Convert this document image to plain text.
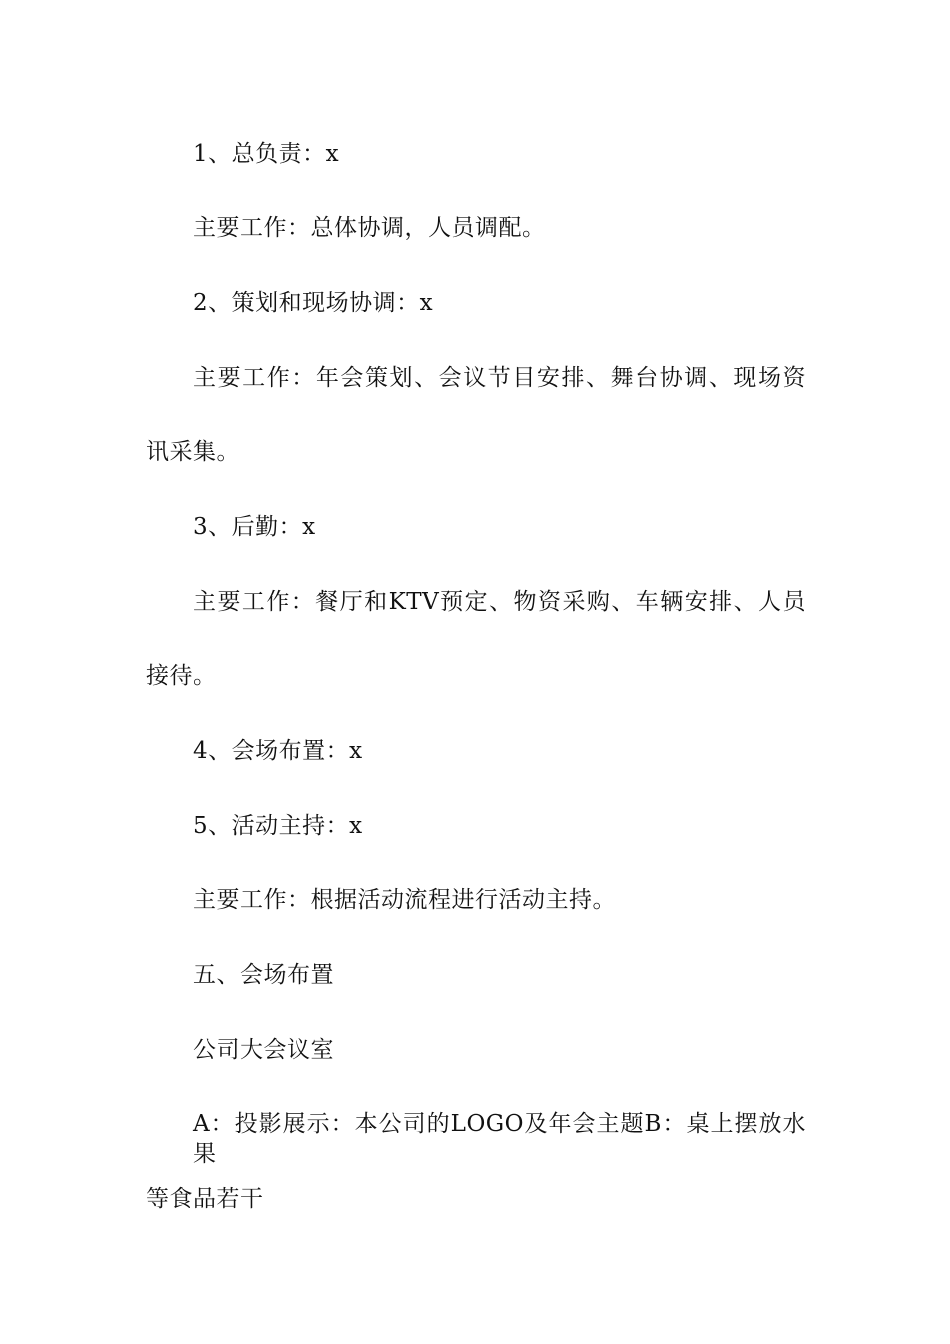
1、总负责：x

主要工作：总体协调，人员调配。

2、策划和现场协调：x

主要工作：年会策划、会议节目安排、舞台协调、现场资

讯采集。

3、后勤：x

主要工作：餐厅和KTV预定、物资采购、车辆安排、人员

接待。

4、会场布置：x

5、活动主持：x

主要工作：根据活动流程进行活动主持。

五、会场布置

公司大会议室

A：投影展示：本公司的LOGO及年会主题B：桌上摆放水果

等食品若干
